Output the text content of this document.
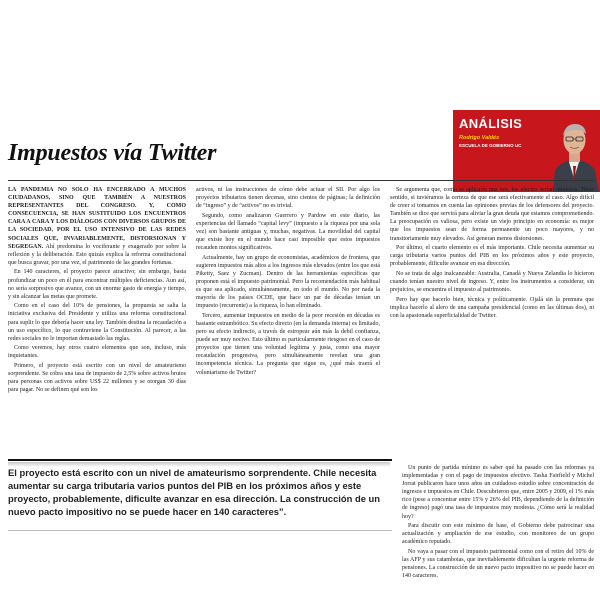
ANÁLISIS
Rodrigo Valdés
ESCUELA DE GOBIERNO UC
Impuestos vía Twitter

LA PANDEMIA NO SOLO HA ENCERRADO A MUCHOS CIUDADANOS, SINO QUE TAMBIÉN A NUESTROS REPRESENTANTES DEL CONGRESO. Y, COMO CONSECUENCIA, SE HAN SUSTITUIDO LOS ENCUENTROS CARA A CARA Y LOS DIÁLOGOS CON DIVERSOS GRUPOS DE LA SOCIEDAD, POR EL USO INTENSIVO DE LAS REDES SOCIALES QUE, INVARIABLEMENTE, DISTORSIONAN Y SEGREGAN. Ahí predomina lo vociferante y exagerado por sobre la reflexión y la deliberación. Esto quizás explica la reforma constitucional que busca gravar, por una vez, el patrimonio de las grandes fortunas.

En 140 caracteres, el proyecto parece atractivo; sin embargo, basta profundizar un poco en él para encontrar múltiples deficiencias. Aun así, no sería sorpresivo que avance, con un enorme gasto de energía y tiempo, y sin alcanzar las metas que promete.

Como en el caso del 10% de pensiones, la propuesta se salta la iniciativa exclusiva del Presidente y utiliza una reforma constitucional para suplir lo que debería hacer una ley. También destina la recaudación a un uso específico, lo que contraviene la Constitución. Al parecer, a las redes sociales no le importan demasiado las reglas.

Como veremos, hay otros cuatro elementos que son, incluso, más inquietantes.

Primero, el proyecto está escrito con un nivel de amateurismo sorprendente. Se cobra una tasa de impuesto de 2,5% sobre activos brutos para personas con activos sobre US$ 22 millones y se otorgan 30 días para pagar. No se definen qué son los

activos, ni las instrucciones de cómo debe actuar el SII. Por algo los proyectos tributarios tienen decenas, sino cientos de páginas; la definición de “ingreso” y de “activos” no es trivial.

Segundo, como analizaron Guerrero y Pardow en este diario, las experiencias del llamado “capital levy” (impuesto a la riqueza por una sola vez) son bastante antiguas y, muchas, negativas. La movilidad del capital que existe hoy en el mundo hace casi imposible que estos impuestos recauden montos significativos.

Actualmente, hay un grupo de economistas, académicos de frontera, que sugieren impuestos más altos a los ingresos más elevados (entre los que está Piketty, Saez y Zucman). Dentro de las herramientas específicas que proponen está el impuesto patrimonial. Pero la recomendación más habitual es que sea aplicado, simultáneamente, en todo el mundo. No por nada la mayoría de los países OCDE, que hace un par de décadas tenían un impuesto (recurrente) a la riqueza, lo han eliminado.

Tercero, aumentar impuestos en medio de la peor recesión en décadas es bastante estrambótico. Su efecto directo (en la demanda interna) es limitado, pero su efecto indirecto, a través de estropear aún más la debil confianza, puede ser muy nocivo. Esto último es particularmente riesgoso en el caso de proyectos que tienen una voluntad legítima y justa, como una mayor recaudación progresiva, pero simultáneamente revelan una gran incompetencia técnica. La pregunta que sigue es, ¿qué más traerá el voluntarismo de Twitter?

Se argumenta que, como se aplicaría una vez, los efectos serían mínimos. Tiene sentido, si tuviéramos la certeza de que ese será efectivamente el caso. Algo difícil de creer si tomamos en cuenta las opiniones previas de los defensores del proyecto. También se dice que servirá para aliviar la gran deuda que estamos comprometiendo. La preocupación es valiosa, pero existe un viejo principio en economía: es mejor que los impuestos sean de forma permanente un poco mayores, y no transitoriamente muy elevados. Así generan menos distorsiones.

Por último, el cuarto elemento es el más importante. Chile necesita aumentar su carga tributaria varios puntos del PIB en los próximos años y este proyecto, probablemente, dificulte avanzar en esa dirección.

No se trata de algo inalcanzable: Australia, Canadá y Nueva Zelandia lo hicieron cuando tenían nuestro nivel de ingreso. Y, entre los instrumentos a considerar, sin prejuicios, se encuentra el impuesto al patrimonio.

Pero hay que hacerlo bien, técnica y políticamente. Ojalá sin la premura que implica hacerlo al alero de una campaña presidencial (como en las últimas dos), ni con la apasionada superficialidad de Twitter.

El proyecto está escrito con un nivel de amateurismo sorprendente. Chile necesita aumentar su carga tributaria varios puntos del PIB en los próximos años y este proyecto, probablemente, dificulte avanzar en esa dirección. La construcción de un nuevo pacto impositivo no se puede hacer en 140 caracteres”.

Un punto de partida mínimo es saber qué ha pasado con las reformas ya implementadas y con el pago de impuestos efectivo. Tasha Fairfield y Michel Jorrat publicaron hace unos años un cuidadoso estudio sobre concentración de ingresos e impuestos en Chile. Descubrieron que, entre 2005 y 2009, el 1% más rico (pese a concentrar entre 15% y 26% del PIB, dependiendo de la definición de ingreso) pagó una tasa de impuestos muy modesta. ¿Cómo será la realidad hoy?

Para discutir con este mínimo de base, el Gobierno debe patrocinar una actualización y ampliación de ese estudio, con monitoreo de un grupo académico reputado.

No vaya a pasar con el impuesto patrimonial como con el retiro del 10% de las AFP y sus catamboias, que inevitablemente dificultan la urgente reforma de pensiones. La construcción de un nuevo pacto impositivo no se puede hacer en 140 caracteres.
